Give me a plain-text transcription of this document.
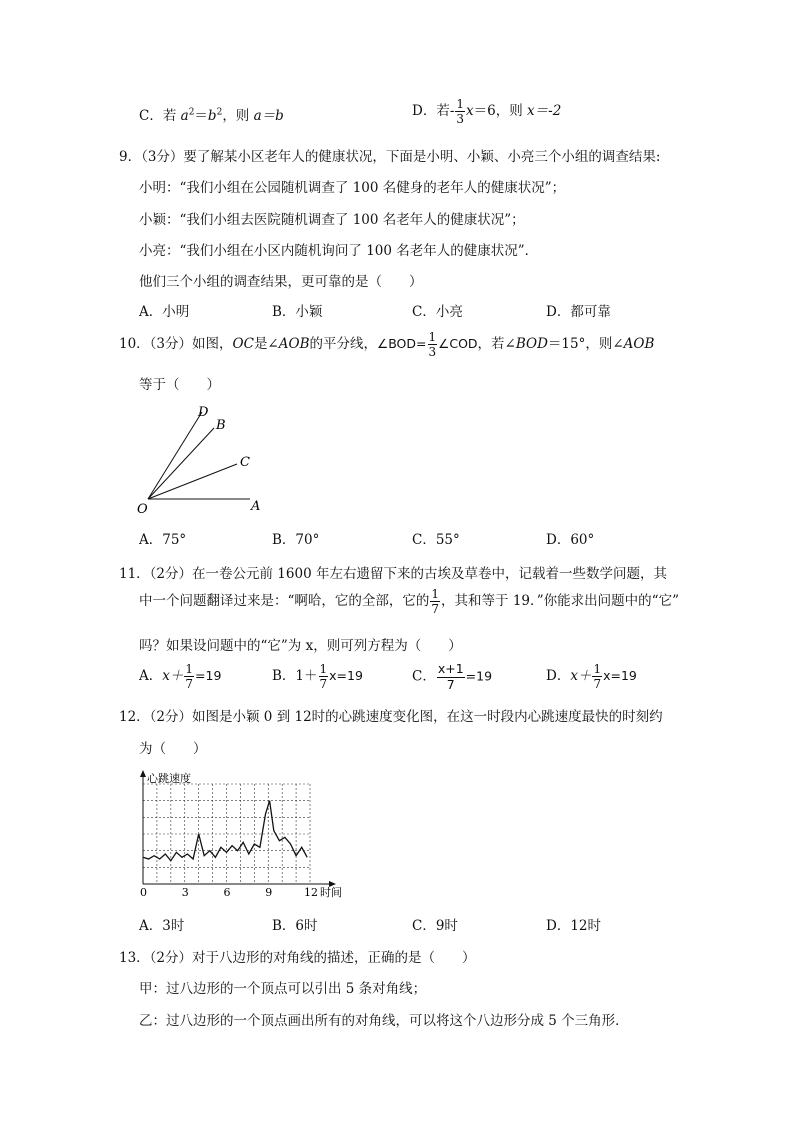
C．若 $a^2=b^2$，则 a＝b	D．若- $\frac{1}{3} x=6$，则 x＝-2
9．（3分）要了解某小区老年人的健康状况，下面是小明、小颖、小亮三个小组的调查结果:
小明：“我们小组在公园随机调查了 100 名健身的老年人的健康状况”；
小颖：“我们小组去医院随机调查了 100 名老年人的健康状况”；
小亮：“我们小组在小区内随机询问了 100 名老年人的健康状况”．
他们三个小组的调查结果，更可靠的是（　　）
A．小明	B．小颖	C．小亮	D．都可靠
10．（3分）如图，OC是∠AOB的平分线，∠BOD= $\frac{1}{3}$ ∠COD，若∠BOD＝15°，则∠AOB
等于（　　）
D
B
C
O	A
A．75°	B．70°	C．55°	D．60°
11．（2分）在一卷公元前 1600 年左右遗留下来的古埃及草卷中，记载着一些数学问题，其
中一个问题翻译过来是：“啊哈，它的全部，它的 $\frac{1}{7}$ ，其和等于 19．”你能求出问题中的“它”
吗？如果设问题中的“它”为 x，则可列方程为（　　）
A．$x+ \frac{1}{7} =19$	B．$1+ \frac{1}{7} x=19$	C． $\frac{x+1}{7} =19$	D．$x+ \frac{1}{7} x=19$
12．（2分）如图是小颖 0 到 12时的心跳速度变化图，在这一时段内心跳速度最快的时刻约
为（　　）
心跳速度
时间
0	3	6	9	12
A．3时	B．6时	C．9时	D．12时
13．（2分）对于八边形的对角线的描述，正确的是（　　）
甲：过八边形的一个顶点可以引出 5 条对角线；
乙：过八边形的一个顶点画出所有的对角线，可以将这个八边形分成 5 个三角形．
